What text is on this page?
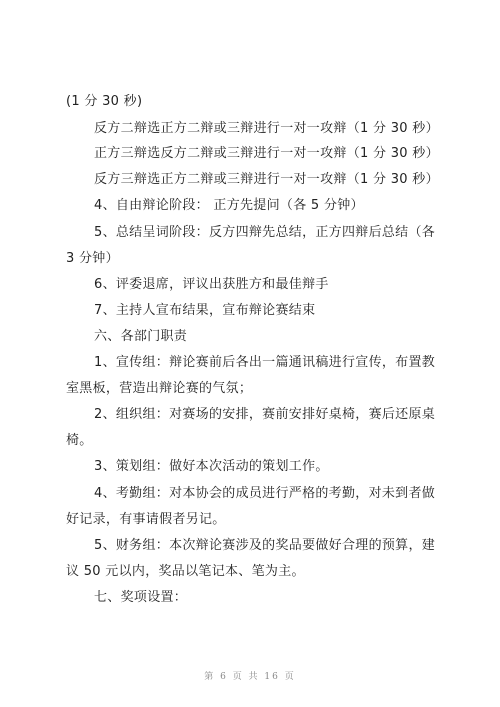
(1 分 30 秒)
反方二辩选正方二辩或三辩进行一对一攻辩（1 分 30 秒）
正方三辩选反方二辩或三辩进行一对一攻辩（1 分 30 秒）
反方三辩选正方二辩或三辩进行一对一攻辩（1 分 30 秒）
4、自由辩论阶段： 正方先提问（各 5 分钟）
5、总结呈词阶段：反方四辩先总结，正方四辩后总结（各
3 分钟）
6、评委退席，评议出获胜方和最佳辩手
7、主持人宣布结果，宣布辩论赛结束
六、各部门职责
1、宣传组：辩论赛前后各出一篇通讯稿进行宣传，布置教
室黑板，营造出辩论赛的气氛；
2、组织组：对赛场的安排，赛前安排好桌椅，赛后还原桌
椅。
3、策划组：做好本次活动的策划工作。
4、考勤组：对本协会的成员进行严格的考勤，对未到者做
好记录，有事请假者另记。
5、财务组：本次辩论赛涉及的奖品要做好合理的预算，建
议 50 元以内，奖品以笔记本、笔为主。
七、奖项设置：
第 6 页 共 16 页
